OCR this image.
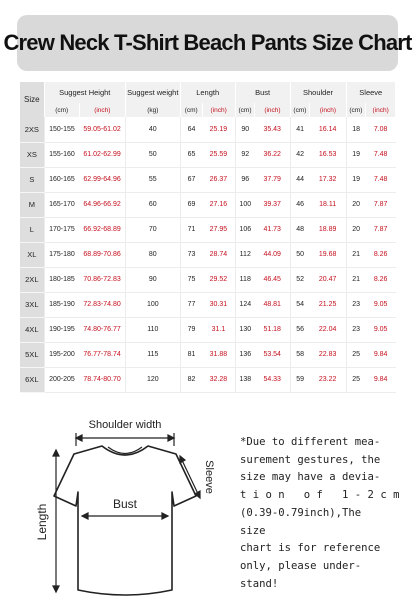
Crew Neck T-Shirt Beach Pants Size Chart
Size	Suggest Height		Suggest weight	Length		Bust		Shoulder		Sleeve	
	(cm)	(inch)	(kg)	(cm)	(inch)	(cm)	(inch)	(cm)	(inch)	(cm)	(inch)
2XS	150-155	59.05-61.02	40	64	25.19	90	35.43	41	16.14	18	7.08
XS	155-160	61.02-62.99	50	65	25.59	92	36.22	42	16.53	19	7.48
S	160-165	62.99-64.96	55	67	26.37	96	37.79	44	17.32	19	7.48
M	165-170	64.96-66.92	60	69	27.16	100	39.37	46	18.11	20	7.87
L	170-175	66.92-68.89	70	71	27.95	106	41.73	48	18.89	20	7.87
XL	175-180	68.89-70.86	80	73	28.74	112	44.09	50	19.68	21	8.26
2XL	180-185	70.86-72.83	90	75	29.52	118	46.45	52	20.47	21	8.26
3XL	185-190	72.83-74.80	100	77	30.31	124	48.81	54	21.25	23	9.05
4XL	190-195	74.80-76.77	110	79	31.1	130	51.18	56	22.04	23	9.05
5XL	195-200	76.77-78.74	115	81	31.88	136	53.54	58	22.83	25	9.84
6XL	200-205	78.74-80.70	120	82	32.28	138	54.33	59	23.22	25	9.84
Shoulder width
Sleeve
Bust
Length
*Due to different mea-
surement gestures, the
size may have a devia-
t i o n   o f   1 - 2 c m
(0.39-0.79inch),The size
chart is for reference
only, please under-
stand!
